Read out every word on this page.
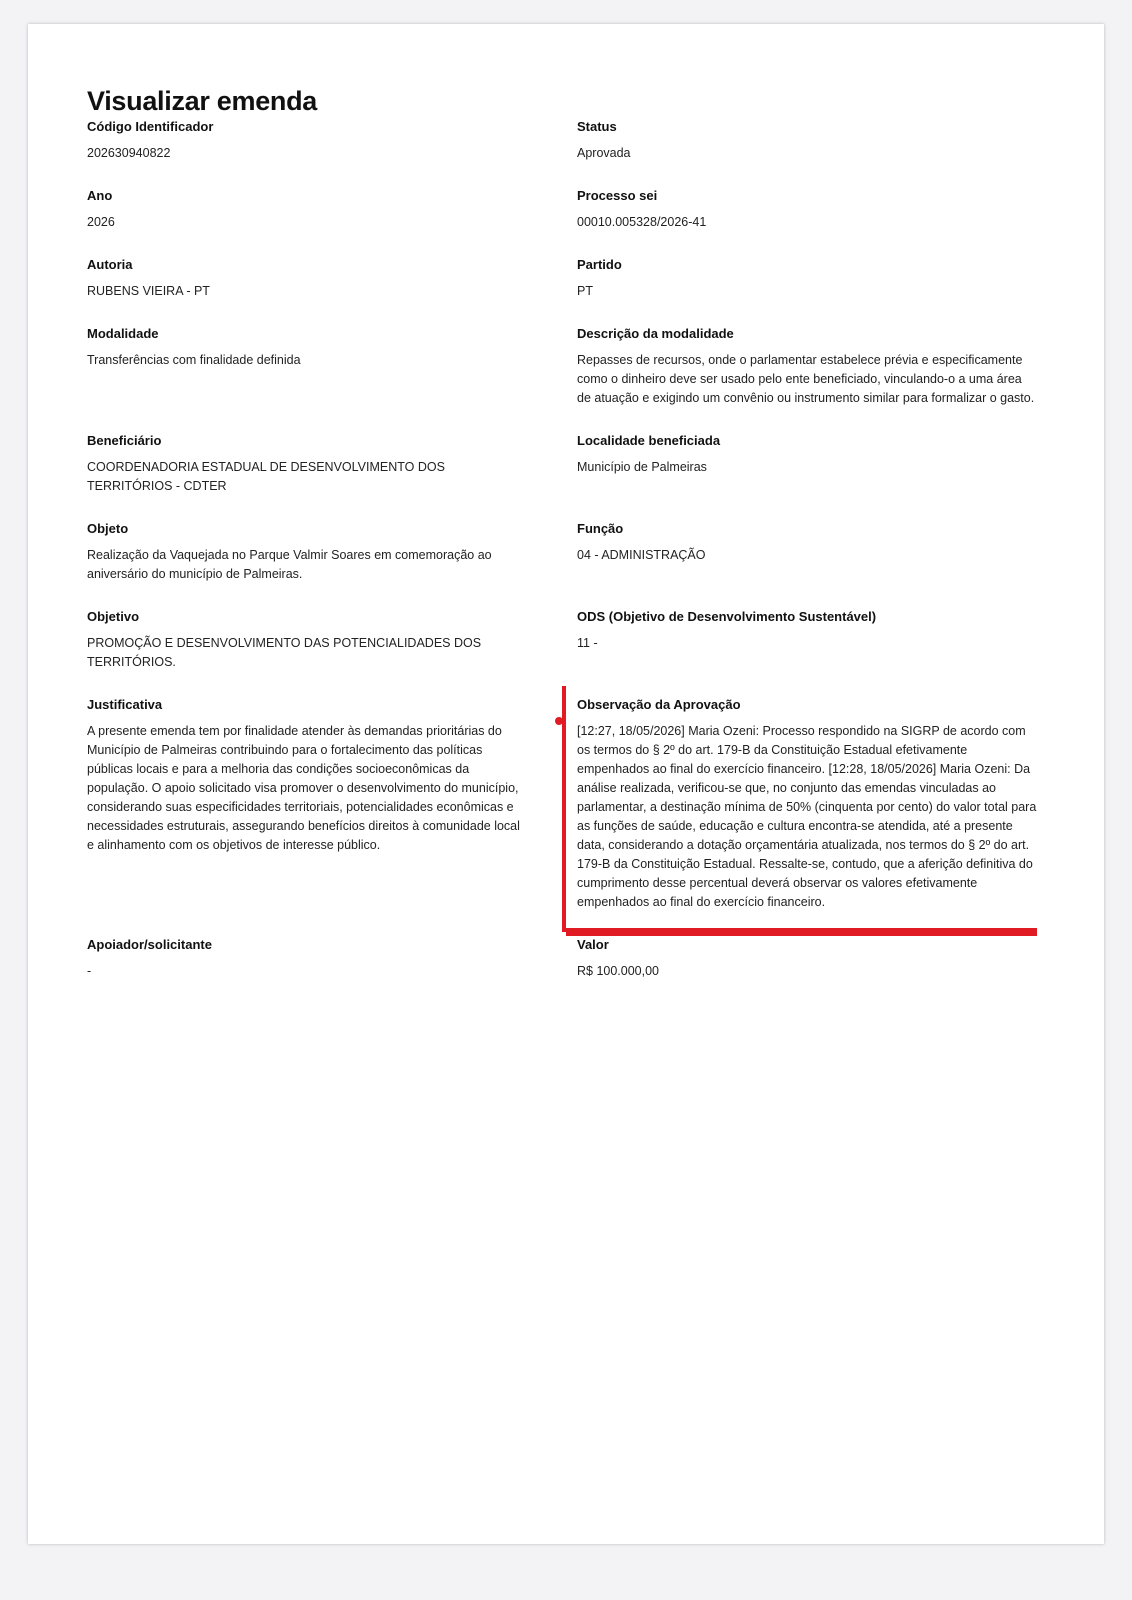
Visualizar emenda
Código Identificador
202630940822
Status
Aprovada
Ano
2026
Processo sei
00010.005328/2026-41
Autoria
RUBENS VIEIRA - PT
Partido
PT
Modalidade
Transferências com finalidade definida
Descrição da modalidade
Repasses de recursos, onde o parlamentar estabelece prévia e especificamente como o dinheiro deve ser usado pelo ente beneficiado, vinculando-o a uma área de atuação e exigindo um convênio ou instrumento similar para formalizar o gasto.
Beneficiário
COORDENADORIA ESTADUAL DE DESENVOLVIMENTO DOS TERRITÓRIOS - CDTER
Localidade beneficiada
Município de Palmeiras
Objeto
Realização da Vaquejada no Parque Valmir Soares em comemoração ao aniversário do município de Palmeiras.
Função
04 - ADMINISTRAÇÃO
Objetivo
PROMOÇÃO E DESENVOLVIMENTO DAS POTENCIALIDADES DOS TERRITÓRIOS.
ODS (Objetivo de Desenvolvimento Sustentável)
11 -
Justificativa
A presente emenda tem por finalidade atender às demandas prioritárias do Município de Palmeiras contribuindo para o fortalecimento das políticas públicas locais e para a melhoria das condições socioeconômicas da população. O apoio solicitado visa promover o desenvolvimento do município, considerando suas especificidades territoriais, potencialidades econômicas e necessidades estruturais, assegurando benefícios direitos à comunidade local e alinhamento com os objetivos de interesse público.
Observação da Aprovação
[12:27, 18/05/2026] Maria Ozeni: Processo respondido na SIGRP de acordo com os termos do § 2º do art. 179-B da Constituição Estadual efetivamente empenhados ao final do exercício financeiro. [12:28, 18/05/2026] Maria Ozeni: Da análise realizada, verificou-se que, no conjunto das emendas vinculadas ao parlamentar, a destinação mínima de 50% (cinquenta por cento) do valor total para as funções de saúde, educação e cultura encontra-se atendida, até a presente data, considerando a dotação orçamentária atualizada, nos termos do § 2º do art. 179-B da Constituição Estadual. Ressalte-se, contudo, que a aferição definitiva do cumprimento desse percentual deverá observar os valores efetivamente empenhados ao final do exercício financeiro.
Apoiador/solicitante
-
Valor
R$ 100.000,00
